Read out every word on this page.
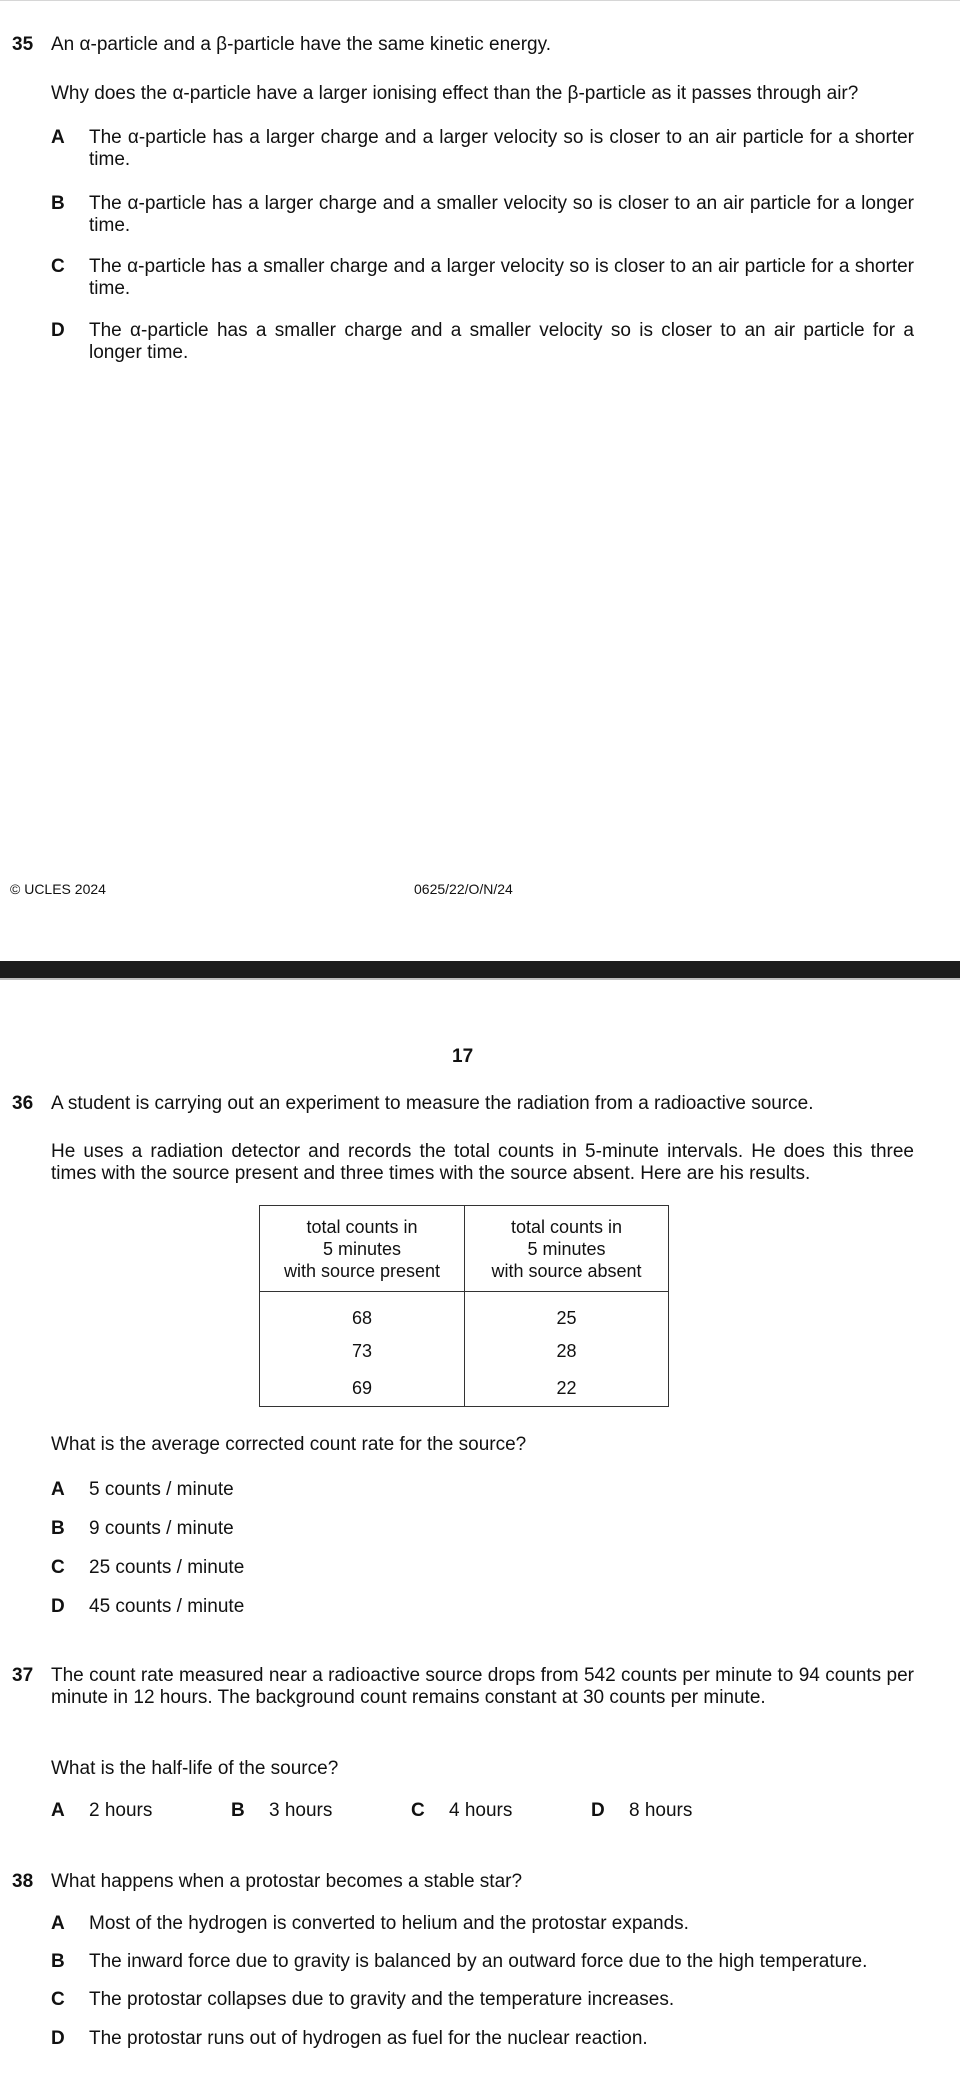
35 An α-particle and a β-particle have the same kinetic energy.
Why does the α-particle have a larger ionising effect than the β-particle as it passes through air?
A The α-particle has a larger charge and a larger velocity so is closer to an air particle for a shorter time.
B The α-particle has a larger charge and a smaller velocity so is closer to an air particle for a longer time.
C The α-particle has a smaller charge and a larger velocity so is closer to an air particle for a shorter time.
D The α-particle has a smaller charge and a smaller velocity so is closer to an air particle for a longer time.
© UCLES 2024	0625/22/O/N/24
17
36 A student is carrying out an experiment to measure the radiation from a radioactive source.
He uses a radiation detector and records the total counts in 5-minute intervals. He does this three times with the source present and three times with the source absent. Here are his results.
total counts in
5 minutes
with source present	total counts in
5 minutes
with source absent

68	25
73	28
69	22
What is the average corrected count rate for the source?
A 5 counts / minute
B 9 counts / minute
C 25 counts / minute
D 45 counts / minute
37 The count rate measured near a radioactive source drops from 542 counts per minute to 94 counts per minute in 12 hours. The background count remains constant at 30 counts per minute.
What is the half-life of the source?
A 2 hours	B 3 hours	C 4 hours	D 8 hours
38 What happens when a protostar becomes a stable star?
A Most of the hydrogen is converted to helium and the protostar expands.
B The inward force due to gravity is balanced by an outward force due to the high temperature.
C The protostar collapses due to gravity and the temperature increases.
D The protostar runs out of hydrogen as fuel for the nuclear reaction.
